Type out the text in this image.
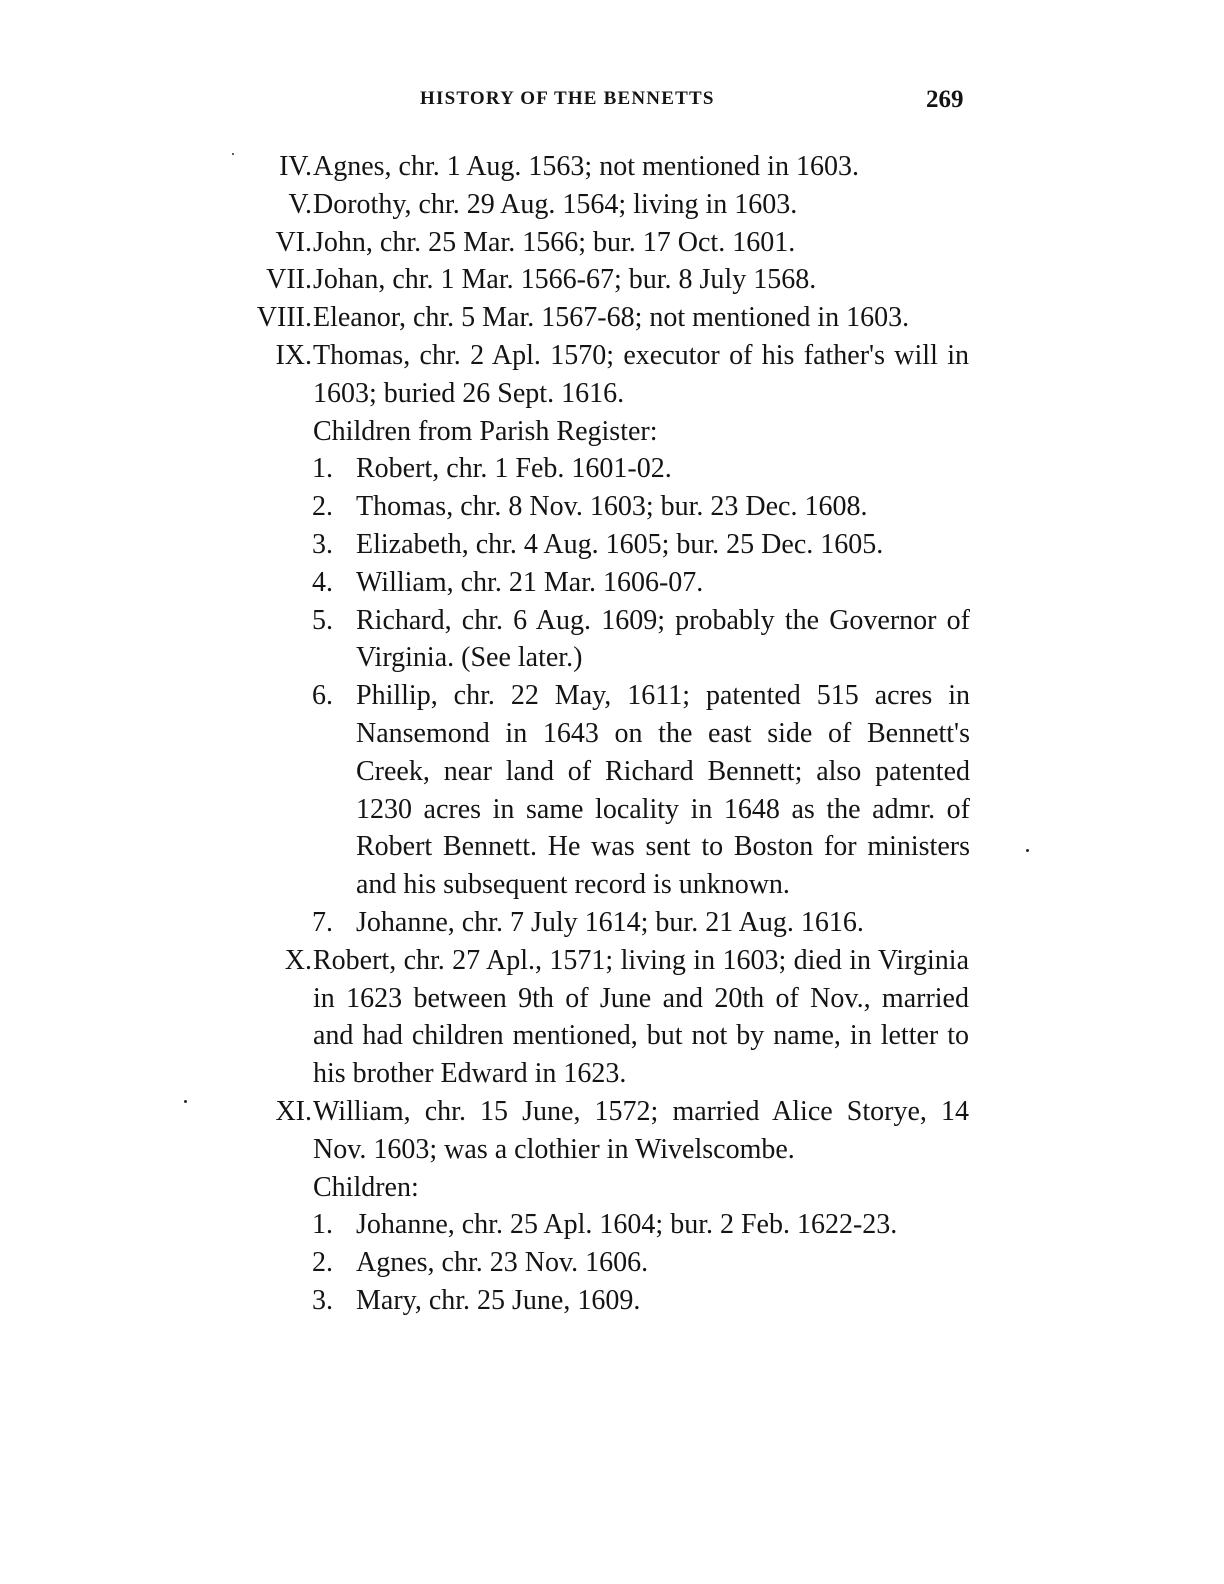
HISTORY OF THE BENNETTS	269
IV. Agnes, chr. 1 Aug. 1563; not mentioned in 1603.
V. Dorothy, chr. 29 Aug. 1564; living in 1603.
VI. John, chr. 25 Mar. 1566; bur. 17 Oct. 1601.
VII. Johan, chr. 1 Mar. 1566-67; bur. 8 July 1568.
VIII. Eleanor, chr. 5 Mar. 1567-68; not mentioned in 1603.
IX. Thomas, chr. 2 Apl. 1570; executor of his father's will in 1603; buried 26 Sept. 1616.
Children from Parish Register:
1. Robert, chr. 1 Feb. 1601-02.
2. Thomas, chr. 8 Nov. 1603; bur. 23 Dec. 1608.
3. Elizabeth, chr. 4 Aug. 1605; bur. 25 Dec. 1605.
4. William, chr. 21 Mar. 1606-07.
5. Richard, chr. 6 Aug. 1609; probably the Governor of Virginia. (See later.)
6. Phillip, chr. 22 May, 1611; patented 515 acres in Nansemond in 1643 on the east side of Bennett's Creek, near land of Richard Bennett; also patented 1230 acres in same locality in 1648 as the admr. of Robert Bennett. He was sent to Boston for ministers and his subsequent record is unknown.
7. Johanne, chr. 7 July 1614; bur. 21 Aug. 1616.
X. Robert, chr. 27 Apl., 1571; living in 1603; died in Virginia in 1623 between 9th of June and 20th of Nov., married and had children mentioned, but not by name, in letter to his brother Edward in 1623.
XI. William, chr. 15 June, 1572; married Alice Storye, 14 Nov. 1603; was a clothier in Wivelscombe.
Children:
1. Johanne, chr. 25 Apl. 1604; bur. 2 Feb. 1622-23.
2. Agnes, chr. 23 Nov. 1606.
3. Mary, chr. 25 June, 1609.
